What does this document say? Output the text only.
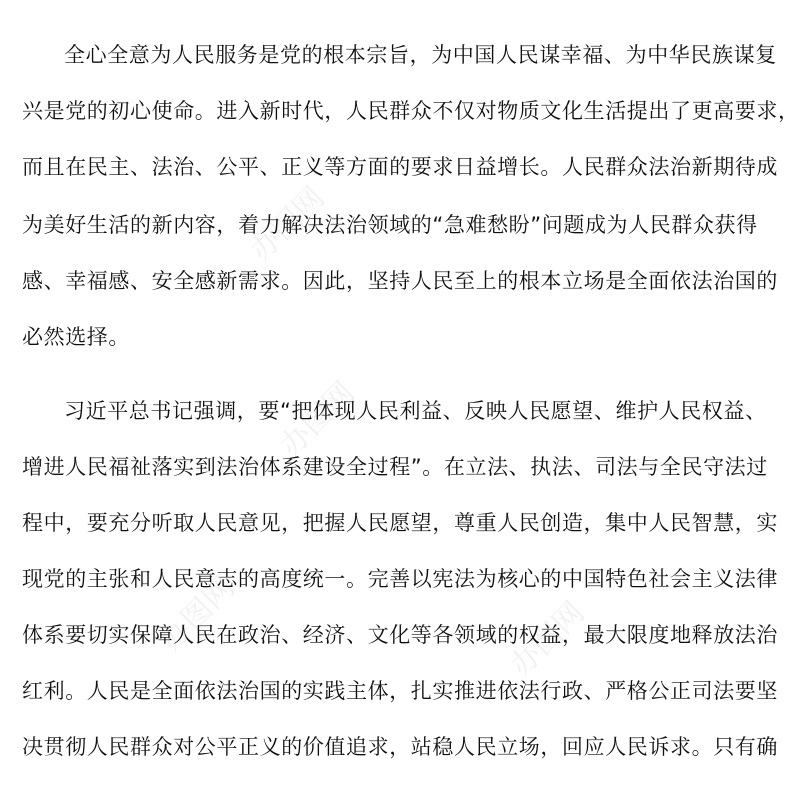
办图网
办图网
办图网
办图网
全心全意为人民服务是党的根本宗旨，为中国人民谋幸福、为中华民族谋复
兴是党的初心使命。进入新时代，人民群众不仅对物质文化生活提出了更高要求，
而且在民主、法治、公平、正义等方面的要求日益增长。人民群众法治新期待成
为美好生活的新内容，着力解决法治领域的“急难愁盼”问题成为人民群众获得
感、幸福感、安全感新需求。因此，坚持人民至上的根本立场是全面依法治国的
必然选择。
习近平总书记强调，要“把体现人民利益、反映人民愿望、维护人民权益、
增进人民福祉落实到法治体系建设全过程”。在立法、执法、司法与全民守法过
程中，要充分听取人民意见，把握人民愿望，尊重人民创造，集中人民智慧，实
现党的主张和人民意志的高度统一。完善以宪法为核心的中国特色社会主义法律
体系要切实保障人民在政治、经济、文化等各领域的权益，最大限度地释放法治
红利。人民是全面依法治国的实践主体，扎实推进依法行政、严格公正司法要坚
决贯彻人民群众对公平正义的价值追求，站稳人民立场，回应人民诉求。只有确
